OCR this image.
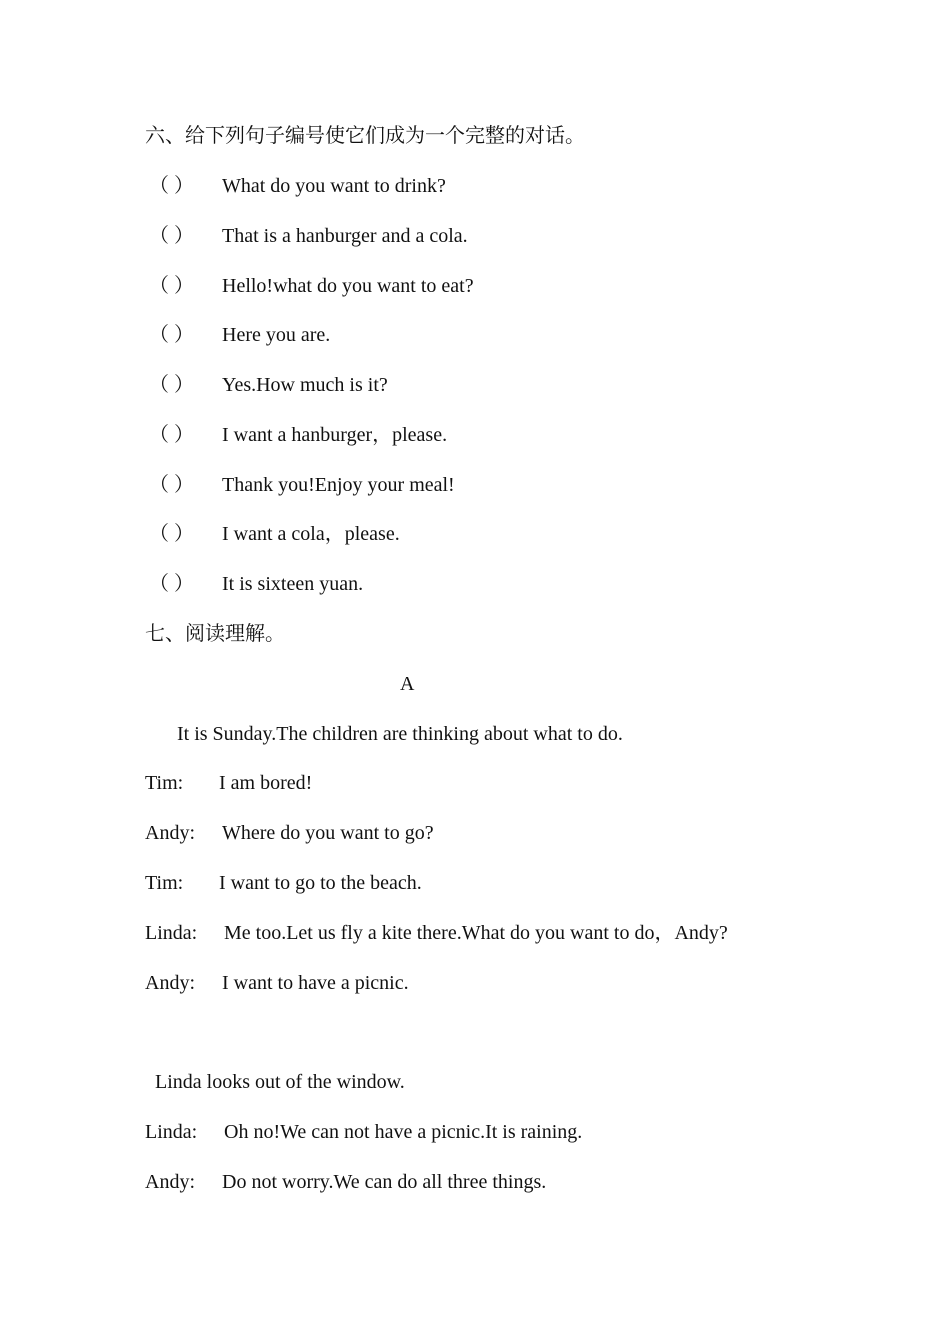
六、给下列句子编号使它们成为一个完整的对话。
（ ） What do you want to drink?
（ ） That is a hanburger and a cola.
（ ） Hello!what do you want to eat?
（ ） Here you are.
（ ） Yes.How much is it?
（ ） I want a hanburger，please.
（ ） Thank you!Enjoy your meal!
（ ） I want a cola，please.
（ ） It is sixteen yuan.
七、阅读理解。
A
It is Sunday.The children are thinking about what to do.
Tim: I am bored!
Andy: Where do you want to go?
Tim: I want to go to the beach.
Linda: Me too.Let us fly a kite there.What do you want to do，Andy?
Andy: I want to have a picnic.
Linda looks out of the window.
Linda: Oh no!We can not have a picnic.It is raining.
Andy: Do not worry.We can do all three things.
